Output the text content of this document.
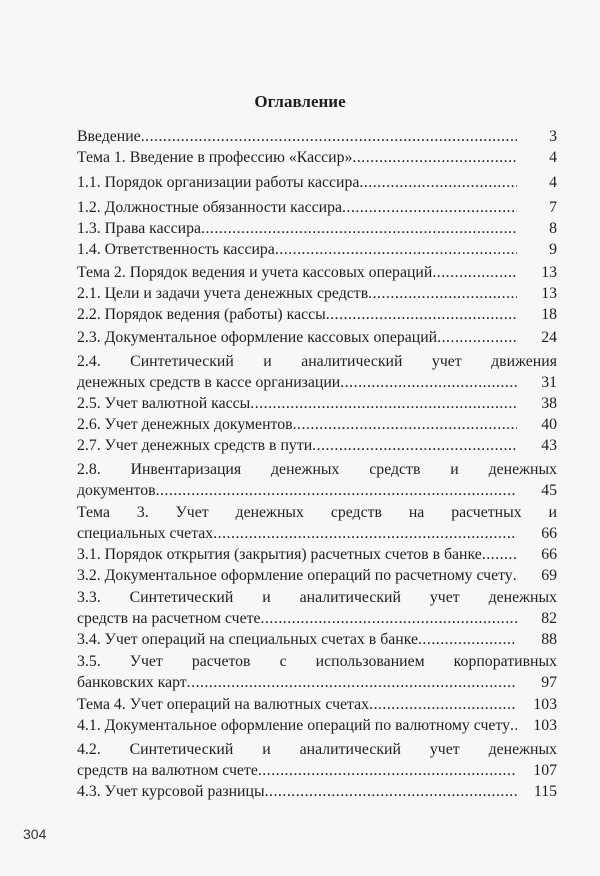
Оглавление
Введение .....	3
Тема 1. Введение в профессию «Кассир» .....	4
1.1. Порядок организации работы кассира .....	4
1.2. Должностные обязанности кассира .....	7
1.3. Права кассира .....	8
1.4. Ответственность кассира .....	9
Тема 2. Порядок ведения и учета кассовых операций .....	13
2.1. Цели и задачи учета денежных средств .....	13
2.2. Порядок ведения (работы) кассы .....	18
2.3. Документальное оформление кассовых операций .....	24
2.4. Синтетический и аналитический учет движения
денежных средств в кассе организации .....	31
2.5. Учет валютной кассы .....	38
2.6. Учет денежных документов .....	40
2.7. Учет денежных средств в пути .....	43
2.8. Инвентаризация денежных средств и денежных
документов .....	45
Тема 3. Учет денежных средств на расчетных и
специальных счетах .....	66
3.1. Порядок открытия (закрытия) расчетных счетов в банке .....	66
3.2. Документальное оформление операций по расчетному счету .....	69
3.3. Синтетический и аналитический учет денежных
средств на расчетном счете .....	82
3.4. Учет операций на специальных счетах в банке .....	88
3.5. Учет расчетов с использованием корпоративных
банковских карт .....	97
Тема 4. Учет операций на валютных счетах .....	103
4.1. Документальное оформление операций по валютному счету .....	103
4.2. Синтетический и аналитический учет денежных
средств на валютном счете .....	107
4.3. Учет курсовой разницы .....	115
304
